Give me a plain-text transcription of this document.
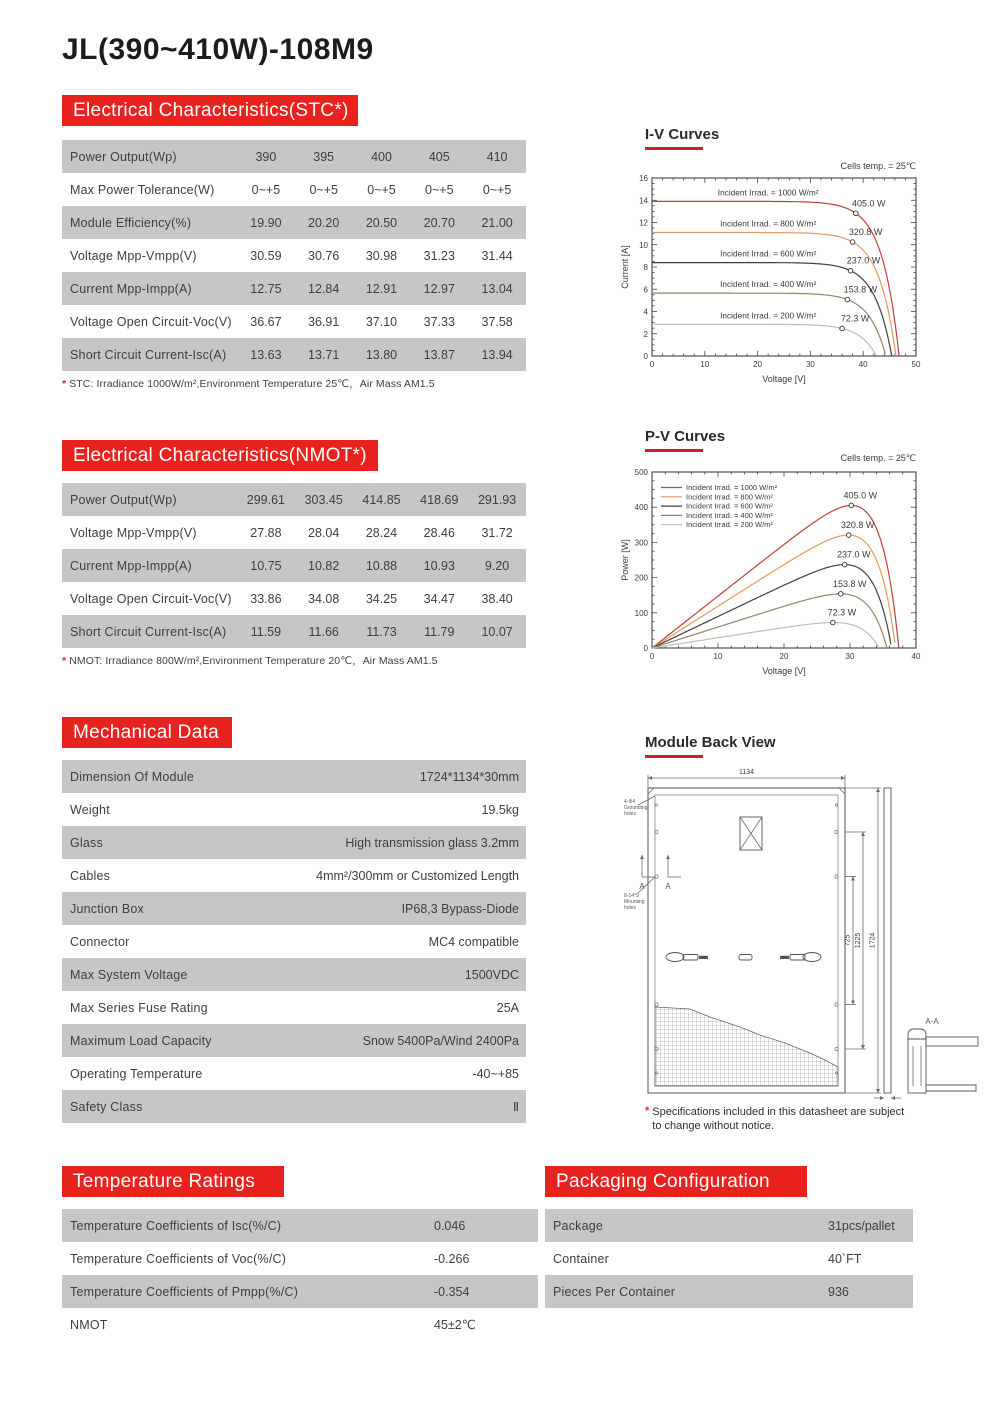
JL(390~410W)-108M9
Electrical Characteristics(STC*)
Power Output(Wp)	390	395	400	405	410
Max Power Tolerance(W)	0~+5	0~+5	0~+5	0~+5	0~+5
Module Efficiency(%)	19.90	20.20	20.50	20.70	21.00
Voltage Mpp-Vmpp(V)	30.59	30.76	30.98	31.23	31.44
Current Mpp-Impp(A)	12.75	12.84	12.91	12.97	13.04
Voltage Open Circuit-Voc(V)	36.67	36.91	37.10	37.33	37.58
Short Circuit Current-Isc(A)	13.63	13.71	13.80	13.87	13.94
* STC: Irradiance 1000W/m²,Environment Temperature 25℃，Air Mass AM1.5
I-V Curves
Cells temp. = 25℃
0	10	20	30	40	50
0
2
4
6
8
10
12
14
16
Voltage [V]
Current [A]
Incident Irrad. = 1000 W/m²
405.0 W
Incident Irrad. = 800 W/m²
320.8 W
Incident Irrad. = 600 W/m²
237.0 W
Incident Irrad. = 400 W/m²
153.8 W
Incident Irrad. = 200 W/m²	72.3 W
Electrical Characteristics(NMOT*)
Power Output(Wp)	299.61	303.45	414.85	418.69	291.93
Voltage Mpp-Vmpp(V)	27.88	28.04	28.24	28.46	31.72
Current Mpp-Impp(A)	10.75	10.82	10.88	10.93	9.20
Voltage Open Circuit-Voc(V)	33.86	34.08	34.25	34.47	38.40
Short Circuit Current-Isc(A)	11.59	11.66	11.73	11.79	10.07
* NMOT: Irradiance 800W/m²,Environment Temperature 20℃，Air Mass AM1.5
P-V Curves
Cells temp. = 25℃
0	10	20	30	40
0
100
200
300
400
500
Voltage [V]
Power [W]
405.0 W
320.8 W
237.0 W
153.8 W
72.3 W
Incident Irrad. = 1000 W/m²
Incident Irrad. = 800 W/m²
Incident Irrad. = 600 W/m²
Incident Irrad. = 400 W/m²
Incident Irrad. = 200 W/m²
Mechanical Data
Dimension Of Module	1724*1134*30mm
Weight	19.5kg
Glass	High transmission glass 3.2mm
Cables	4mm²/300mm or Customized Length
Junction Box	IP68,3 Bypass-Diode
Connector	MC4 compatible
Max System Voltage	1500VDC
Max Series Fuse Rating	25A
Maximum Load Capacity	Snow 5400Pa/Wind 2400Pa
Operating Temperature	-40~+85
Safety Class	Ⅱ
Module Back View
1134
4-Φ4
Grounding
holes
8-14*9
Mounting
holes
A	A
725 1225 1724
A-A
* Specifications included in this datasheet are subject
to change without notice.
Temperature Ratings
Temperature Coefficients of Isc(%/C)	0.046
Temperature Coefficients of Voc(%/C)	-0.266
Temperature Coefficients of Pmpp(%/C)	-0.354
NMOT	45±2℃
Packaging Configuration
Package	31pcs/pallet
Container	40`FT
Pieces Per Container	936
